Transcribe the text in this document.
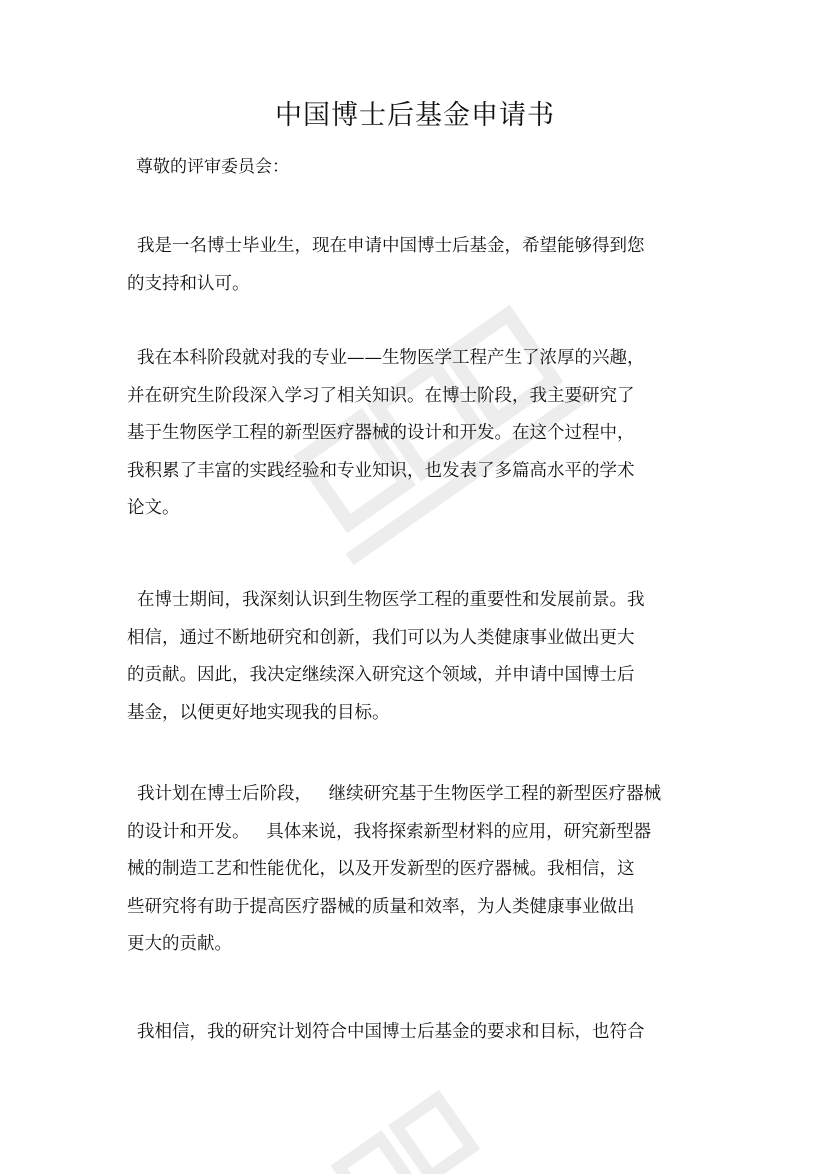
中国博士后基金申请书
尊敬的评审委员会：

我是一名博士毕业生，现在申请中国博士后基金，希望能够得到您
的支持和认可。

我在本科阶段就对我的专业——生物医学工程产生了浓厚的兴趣，
并在研究生阶段深入学习了相关知识。在博士阶段，我主要研究了
基于生物医学工程的新型医疗器械的设计和开发。在这个过程中，
我积累了丰富的实践经验和专业知识，也发表了多篇高水平的学术
论文。

在博士期间，我深刻认识到生物医学工程的重要性和发展前景。我
相信，通过不断地研究和创新，我们可以为人类健康事业做出更大
的贡献。因此，我决定继续深入研究这个领域，并申请中国博士后
基金，以便更好地实现我的目标。

我计划在博士后阶段，   继续研究基于生物医学工程的新型医疗器械
的设计和开发。   具体来说，我将探索新型材料的应用，研究新型器
械的制造工艺和性能优化，以及开发新型的医疗器械。我相信，这
些研究将有助于提高医疗器械的质量和效率，为人类健康事业做出
更大的贡献。

我相信，我的研究计划符合中国博士后基金的要求和目标，也符合
